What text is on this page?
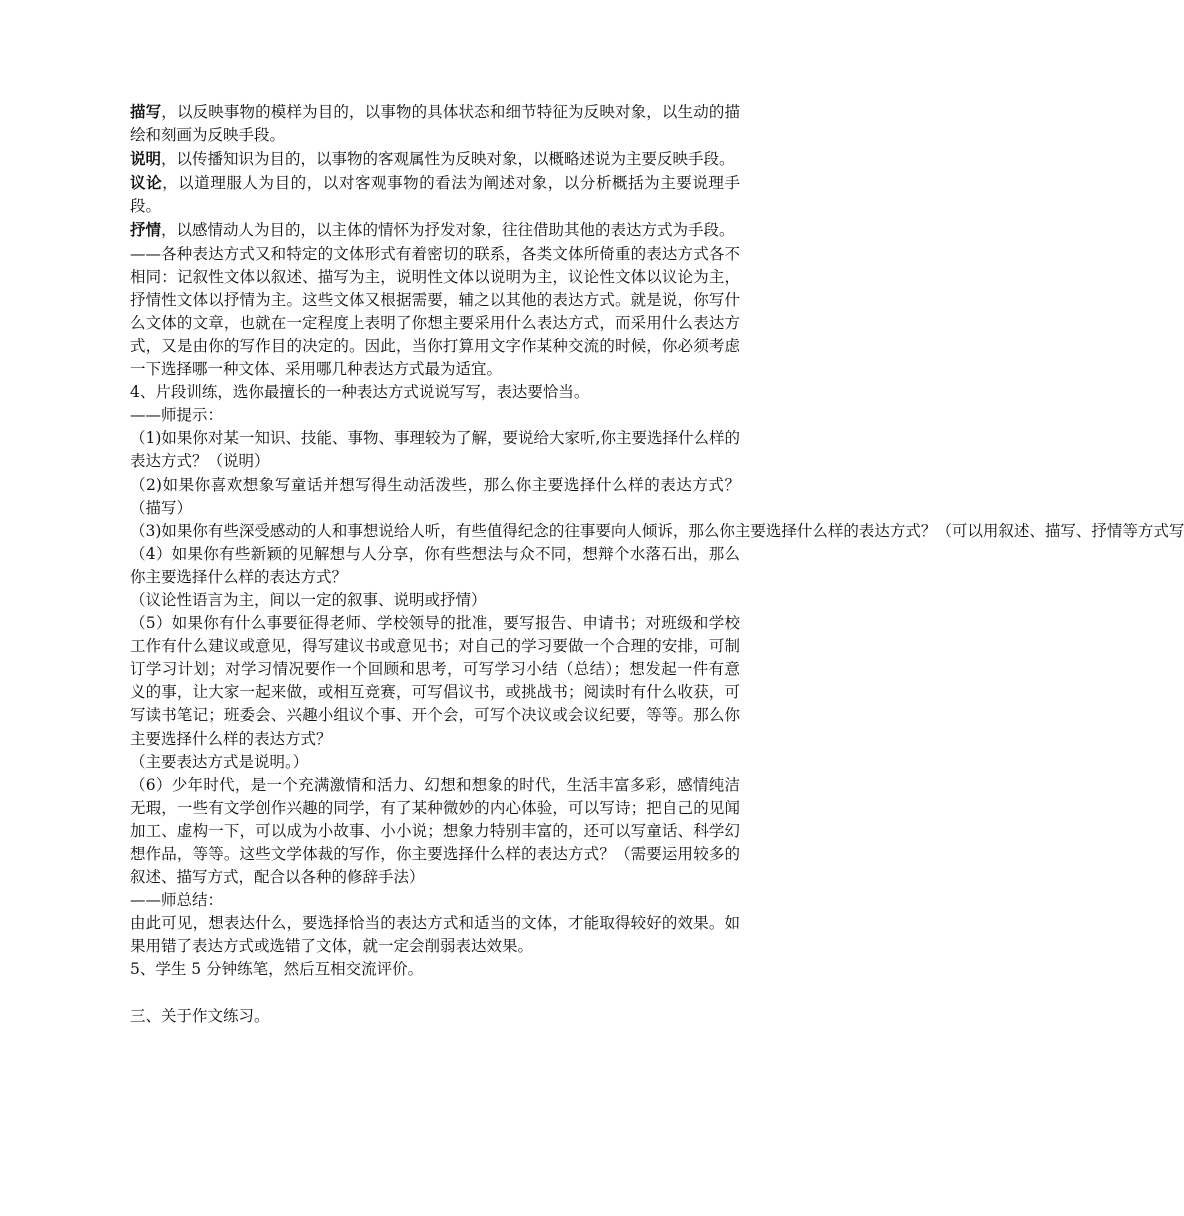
描写，以反映事物的模样为目的，以事物的具体状态和细节特征为反映对象，以生动的描绘和刻画为反映手段。

说明，以传播知识为目的，以事物的客观属性为反映对象，以概略述说为主要反映手段。

议论，以道理服人为目的，以对客观事物的看法为阐述对象，以分析概括为主要说理手段。

抒情，以感情动人为目的，以主体的情怀为抒发对象，往往借助其他的表达方式为手段。

——各种表达方式又和特定的文体形式有着密切的联系，各类文体所倚重的表达方式各不相同：记叙性文体以叙述、描写为主，说明性文体以说明为主，议论性文体以议论为主，抒情性文体以抒情为主。这些文体又根据需要，辅之以其他的表达方式。就是说，你写什么文体的文章，也就在一定程度上表明了你想主要采用什么表达方式，而采用什么表达方式，又是由你的写作目的决定的。因此，当你打算用文字作某种交流的时候，你必须考虑一下选择哪一种文体、采用哪几种表达方式最为适宜。

4、片段训练，选你最擅长的一种表达方式说说写写，表达要恰当。

——师提示：

（1)如果你对某一知识、技能、事物、事理较为了解，要说给大家听,你主要选择什么样的表达方式？（说明）

（2)如果你喜欢想象写童话并想写得生动活泼些，那么你主要选择什么样的表达方式？（描写）

（3)如果你有些深受感动的人和事想说给人听，有些值得纪念的往事要向人倾诉，那么你主要选择什么样的表达方式？（可以用叙述、描写、抒情等方式写

（4）如果你有些新颖的见解想与人分享，你有些想法与众不同，想辩个水落石出，那么你主要选择什么样的表达方式？

（议论性语言为主，间以一定的叙事、说明或抒情）

（5）如果你有什么事要征得老师、学校领导的批准，要写报告、申请书；对班级和学校工作有什么建议或意见，得写建议书或意见书；对自己的学习要做一个合理的安排，可制订学习计划；对学习情况要作一个回顾和思考，可写学习小结（总结）；想发起一件有意义的事，让大家一起来做，或相互竞赛，可写倡议书，或挑战书；阅读时有什么收获，可写读书笔记；班委会、兴趣小组议个事、开个会，可写个决议或会议纪要，等等。那么你主要选择什么样的表达方式？

（主要表达方式是说明。）

（6）少年时代，是一个充满激情和活力、幻想和想象的时代，生活丰富多彩，感情纯洁无瑕，一些有文学创作兴趣的同学，有了某种微妙的内心体验，可以写诗；把自己的见闻加工、虚构一下，可以成为小故事、小小说；想象力特别丰富的，还可以写童话、科学幻想作品，等等。这些文学体裁的写作，你主要选择什么样的表达方式？（需要运用较多的叙述、描写方式，配合以各种的修辞手法）

——师总结：

由此可见，想表达什么，要选择恰当的表达方式和适当的文体，才能取得较好的效果。如果用错了表达方式或选错了文体，就一定会削弱表达效果。

5、学生 5 分钟练笔，然后互相交流评价。

三、关于作文练习。
